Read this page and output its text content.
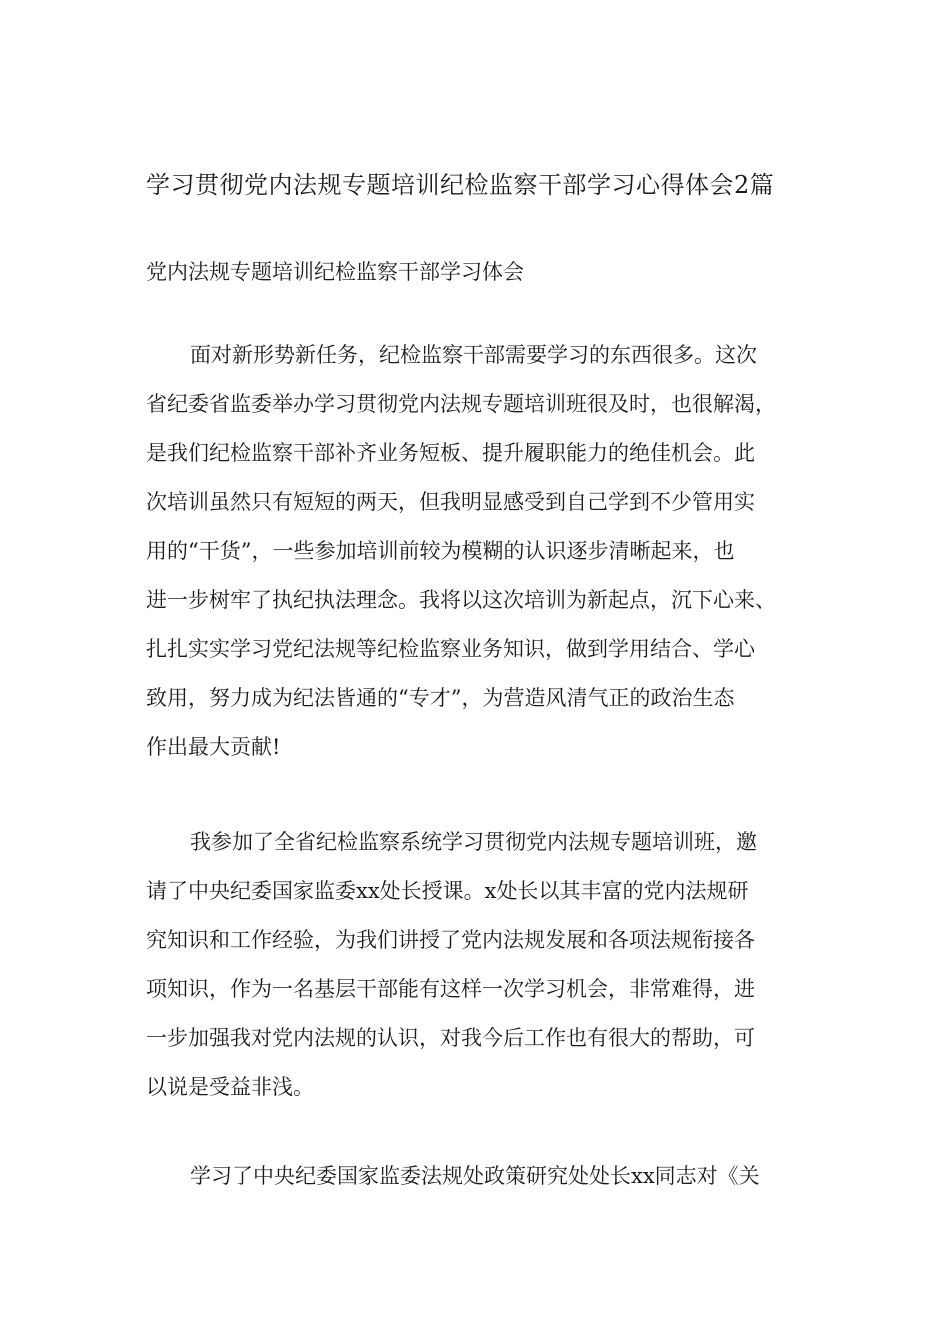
学习贯彻党内法规专题培训纪检监察干部学习心得体会2篇
党内法规专题培训纪检监察干部学习体会
面对新形势新任务，纪检监察干部需要学习的东西很多。这次
省纪委省监委举办学习贯彻党内法规专题培训班很及时，也很解渴，
是我们纪检监察干部补齐业务短板、提升履职能力的绝佳机会。此
次培训虽然只有短短的两天，但我明显感受到自己学到不少管用实
用的“干货”，一些参加培训前较为模糊的认识逐步清晰起来，也
进一步树牢了执纪执法理念。我将以这次培训为新起点，沉下心来、
扎扎实实学习党纪法规等纪检监察业务知识，做到学用结合、学心
致用，努力成为纪法皆通的“专才”，为营造风清气正的政治生态
作出最大贡献!
我参加了全省纪检监察系统学习贯彻党内法规专题培训班，邀
请了中央纪委国家监委xx处长授课。x处长以其丰富的党内法规研
究知识和工作经验，为我们讲授了党内法规发展和各项法规衔接各
项知识，作为一名基层干部能有这样一次学习机会，非常难得，进
一步加强我对党内法规的认识，对我今后工作也有很大的帮助，可
以说是受益非浅。
学习了中央纪委国家监委法规处政策研究处处长xx同志对《关
